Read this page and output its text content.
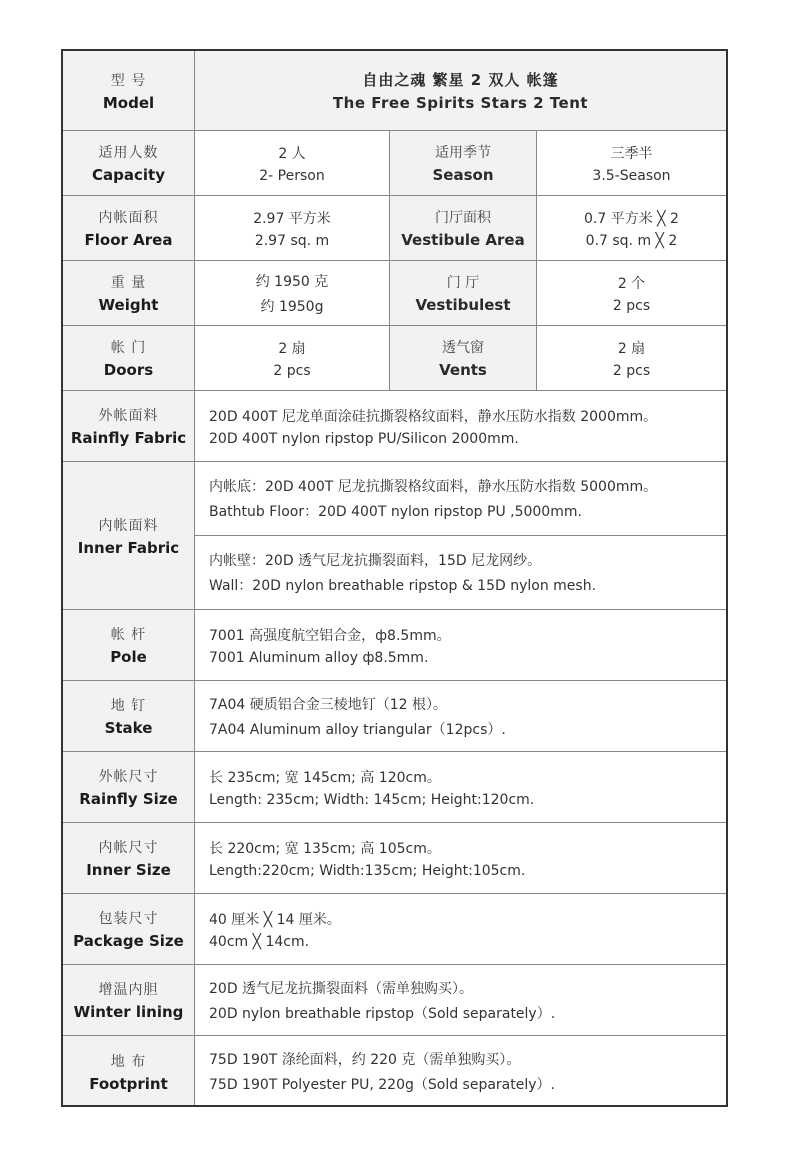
型 号
Model
自由之魂 繁星 2 双人 帐篷
The Free Spirits Stars 2 Tent
适用人数
Capacity
2 人
2- Person
适用季节
Season
三季半
3.5-Season
内帐面积
Floor Area
2.97 平方米
2.97 sq. m
门厅面积
Vestibule Area
0.7 平方米 ╳ 2
0.7 sq. m ╳ 2
重 量
Weight
约 1950 克
约 1950g
门 厅
Vestibulest
2 个
2 pcs
帐 门
Doors
2 扇
2 pcs
透气窗
Vents
2 扇
2 pcs
外帐面料
Rainfly Fabric
20D 400T 尼龙单面涂硅抗撕裂格纹面料，静水压防水指数 2000mm。
20D 400T nylon ripstop PU/Silicon 2000mm.
内帐面料
Inner Fabric
内帐底：20D 400T 尼龙抗撕裂格纹面料，静水压防水指数 5000mm。
Bathtub Floor：20D 400T nylon ripstop PU ,5000mm.
内帐壁：20D 透气尼龙抗撕裂面料，15D 尼龙网纱。
Wall：20D nylon breathable ripstop & 15D nylon mesh.
帐 杆
Pole
7001 高强度航空铝合金，ф8.5mm。
7001 Aluminum alloy ф8.5mm.
地 钉
Stake
7A04 硬质铝合金三棱地钉（12 根）。
7A04 Aluminum alloy triangular（12pcs）.
外帐尺寸
Rainfly Size
长 235cm; 宽 145cm; 高 120cm。
Length: 235cm; Width: 145cm; Height:120cm.
内帐尺寸
Inner Size
长 220cm; 宽 135cm; 高 105cm。
Length:220cm; Width:135cm; Height:105cm.
包装尺寸
Package Size
40 厘米 ╳ 14 厘米。
40cm ╳ 14cm.
增温内胆
Winter lining
20D 透气尼龙抗撕裂面料（需单独购买）。
20D nylon breathable ripstop（Sold separately）.
地 布
Footprint
75D 190T 涤纶面料，约 220 克（需单独购买）。
75D 190T Polyester PU, 220g（Sold separately）.
